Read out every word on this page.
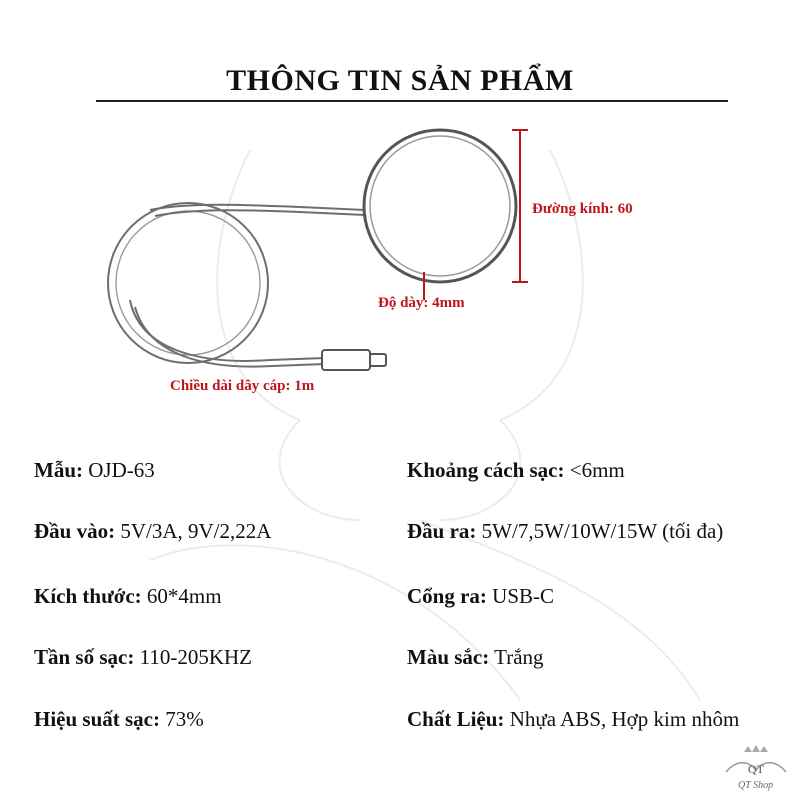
THÔNG TIN SẢN PHẨM
Đường kính: 60
Độ dày: 4mm
Chiều dài dây cáp: 1m
Mẫu: OJD-63
Đầu vào: 5V/3A, 9V/2,22A
Kích thước: 60*4mm
Tần số sạc: 110-205KHZ
Hiệu suất sạc: 73%
Khoảng cách sạc: <6mm
Đầu ra: 5W/7,5W/10W/15W (tối đa)
Cổng ra: USB-C
Màu sắc: Trắng
Chất Liệu: Nhựa ABS, Hợp kim nhôm
QT
QT Shop
